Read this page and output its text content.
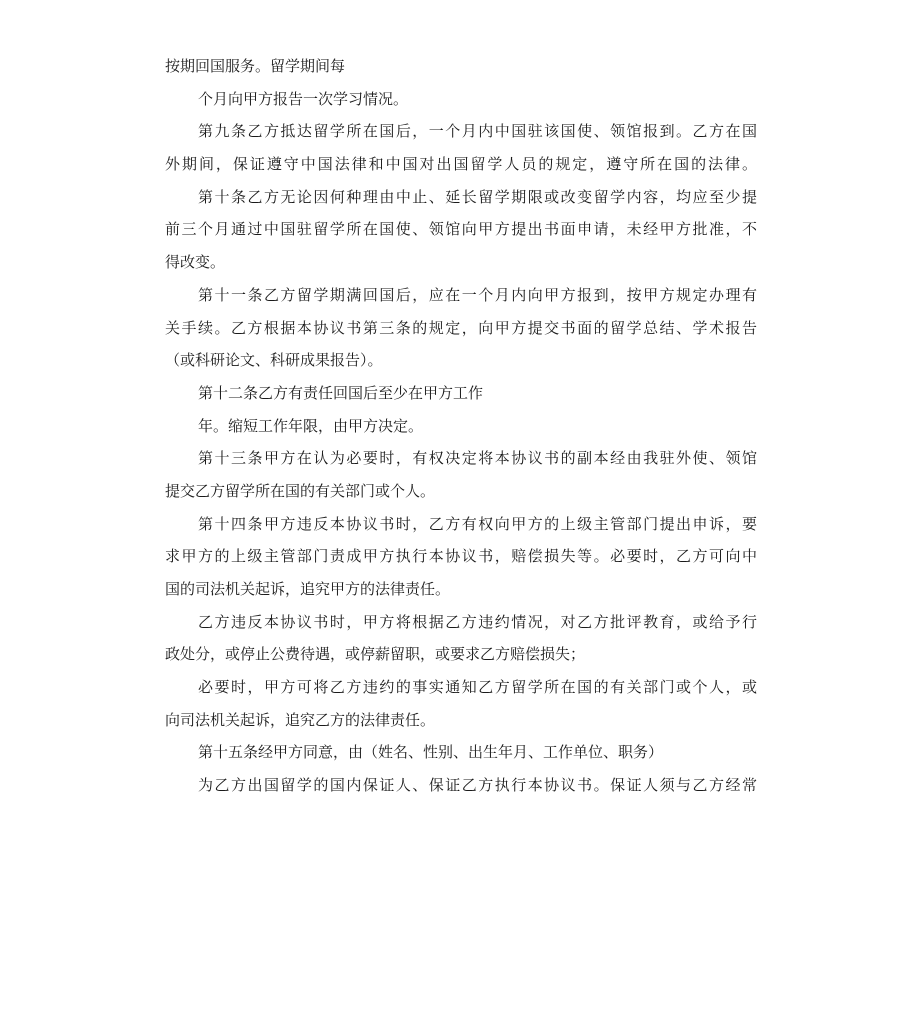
按期回国服务。留学期间每
个月向甲方报告一次学习情况。
第九条乙方抵达留学所在国后，一个月内中国驻该国使、领馆报到。乙方在国
外期间，保证遵守中国法律和中国对出国留学人员的规定，遵守所在国的法律。
第十条乙方无论因何种理由中止、延长留学期限或改变留学内容，均应至少提
前三个月通过中国驻留学所在国使、领馆向甲方提出书面申请，未经甲方批准，不
得改变。
第十一条乙方留学期满回国后，应在一个月内向甲方报到，按甲方规定办理有
关手续。乙方根据本协议书第三条的规定，向甲方提交书面的留学总结、学术报告
（或科研论文、科研成果报告）。
第十二条乙方有责任回国后至少在甲方工作
年。缩短工作年限，由甲方决定。
第十三条甲方在认为必要时，有权决定将本协议书的副本经由我驻外使、领馆
提交乙方留学所在国的有关部门或个人。
第十四条甲方违反本协议书时，乙方有权向甲方的上级主管部门提出申诉，要
求甲方的上级主管部门责成甲方执行本协议书，赔偿损失等。必要时，乙方可向中
国的司法机关起诉，追究甲方的法律责任。
乙方违反本协议书时，甲方将根据乙方违约情况，对乙方批评教育，或给予行
政处分，或停止公费待遇，或停薪留职，或要求乙方赔偿损失；
必要时，甲方可将乙方违约的事实通知乙方留学所在国的有关部门或个人，或
向司法机关起诉，追究乙方的法律责任。
第十五条经甲方同意，由（姓名、性别、出生年月、工作单位、职务）
为乙方出国留学的国内保证人、保证乙方执行本协议书。保证人须与乙方经常
